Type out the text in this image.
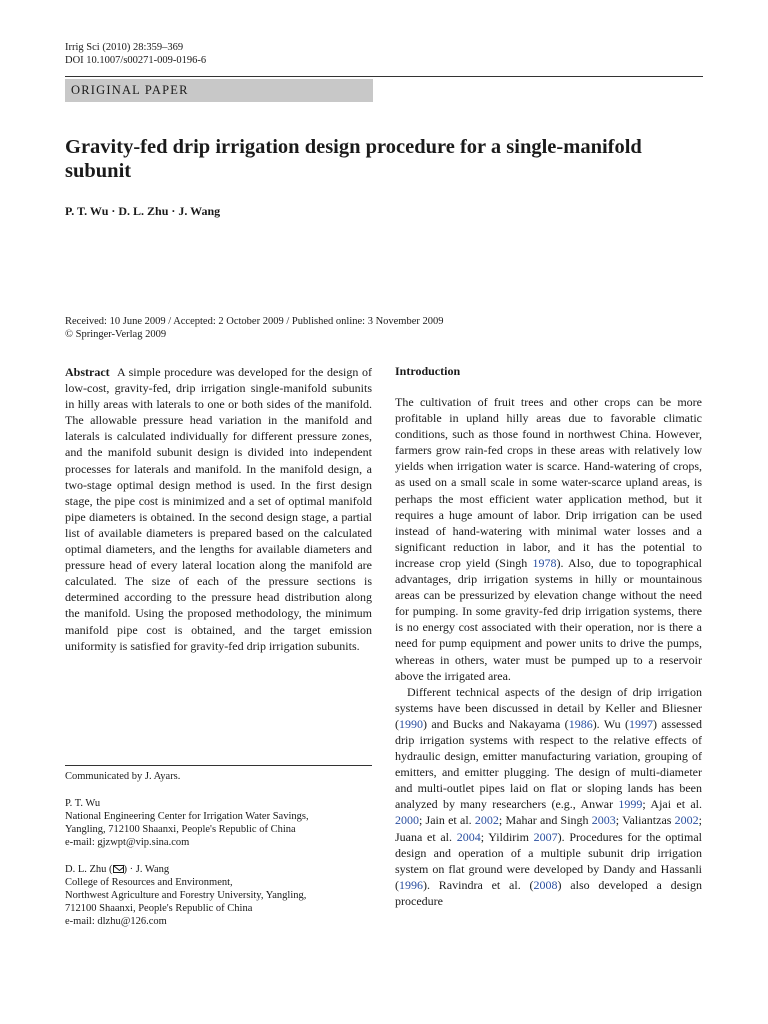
Irrig Sci (2010) 28:359–369
DOI 10.1007/s00271-009-0196-6
ORIGINAL PAPER
Gravity-fed drip irrigation design procedure for a single-manifold
subunit
P. T. Wu · D. L. Zhu · J. Wang
Received: 10 June 2009 / Accepted: 2 October 2009 / Published online: 3 November 2009
© Springer-Verlag 2009

Abstract A simple procedure was developed for the design of low-cost, gravity-fed, drip irrigation single-manifold subunits in hilly areas with laterals to one or both sides of the manifold. The allowable pressure head variation in the manifold and laterals is calculated individually for different pressure zones, and the manifold subunit design is divided into independent processes for laterals and manifold. In the manifold design, a two-stage optimal design method is used. In the first design stage, the pipe cost is minimized and a set of optimal manifold pipe diameters is obtained. In the second design stage, a partial list of available diameters is prepared based on the calculated optimal diameters, and the lengths for available diameters and pressure head of every lateral location along the manifold are calculated. The size of each of the pressure sections is determined according to the pressure head distribution along the manifold. Using the proposed methodology, the minimum manifold pipe cost is obtained, and the target emission uniformity is satisfied for gravity-fed drip irrigation subunits.

Communicated by J. Ayars.
P. T. Wu
National Engineering Center for Irrigation Water Savings,
Yangling, 712100 Shaanxi, People's Republic of China
e-mail: gjzwpt@vip.sina.com
D. L. Zhu ( ) · J. Wang
College of Resources and Environment,
Northwest Agriculture and Forestry University, Yangling,
712100 Shaanxi, People's Republic of China
e-mail: dlzhu@126.com
Introduction

The cultivation of fruit trees and other crops can be more profitable in upland hilly areas due to favorable climatic conditions, such as those found in northwest China. However, farmers grow rain-fed crops in these areas with relatively low yields when irrigation water is scarce. Hand-watering of crops, as used on a small scale in some water-scarce upland areas, is perhaps the most efficient water application method, but it requires a huge amount of labor. Drip irrigation can be used instead of hand-watering with minimal water losses and a significant reduction in labor, and it has the potential to increase crop yield (Singh 1978). Also, due to topographical advantages, drip irrigation systems in hilly or mountainous areas can be pressurized by elevation change without the need for pumping. In some gravity-fed drip irrigation systems, there is no energy cost associated with their operation, nor is there a need for pump equipment and power units to drive the pumps, whereas in others, water must be pumped up to a reservoir above the irrigated area.

Different technical aspects of the design of drip irrigation systems have been discussed in detail by Keller and Bliesner (1990) and Bucks and Nakayama (1986). Wu (1997) assessed drip irrigation systems with respect to the relative effects of hydraulic design, emitter manufacturing variation, grouping of emitters, and emitter plugging. The design of multi-diameter and multi-outlet pipes laid on flat or sloping lands has been analyzed by many researchers (e.g., Anwar 1999; Ajai et al. 2000; Jain et al. 2002; Mahar and Singh 2003; Valiantzas 2002; Juana et al. 2004; Yildirim 2007). Procedures for the optimal design and operation of a multiple subunit drip irrigation system on flat ground were developed by Dandy and Hassanli (1996). Ravindra et al. (2008) also developed a design procedure
